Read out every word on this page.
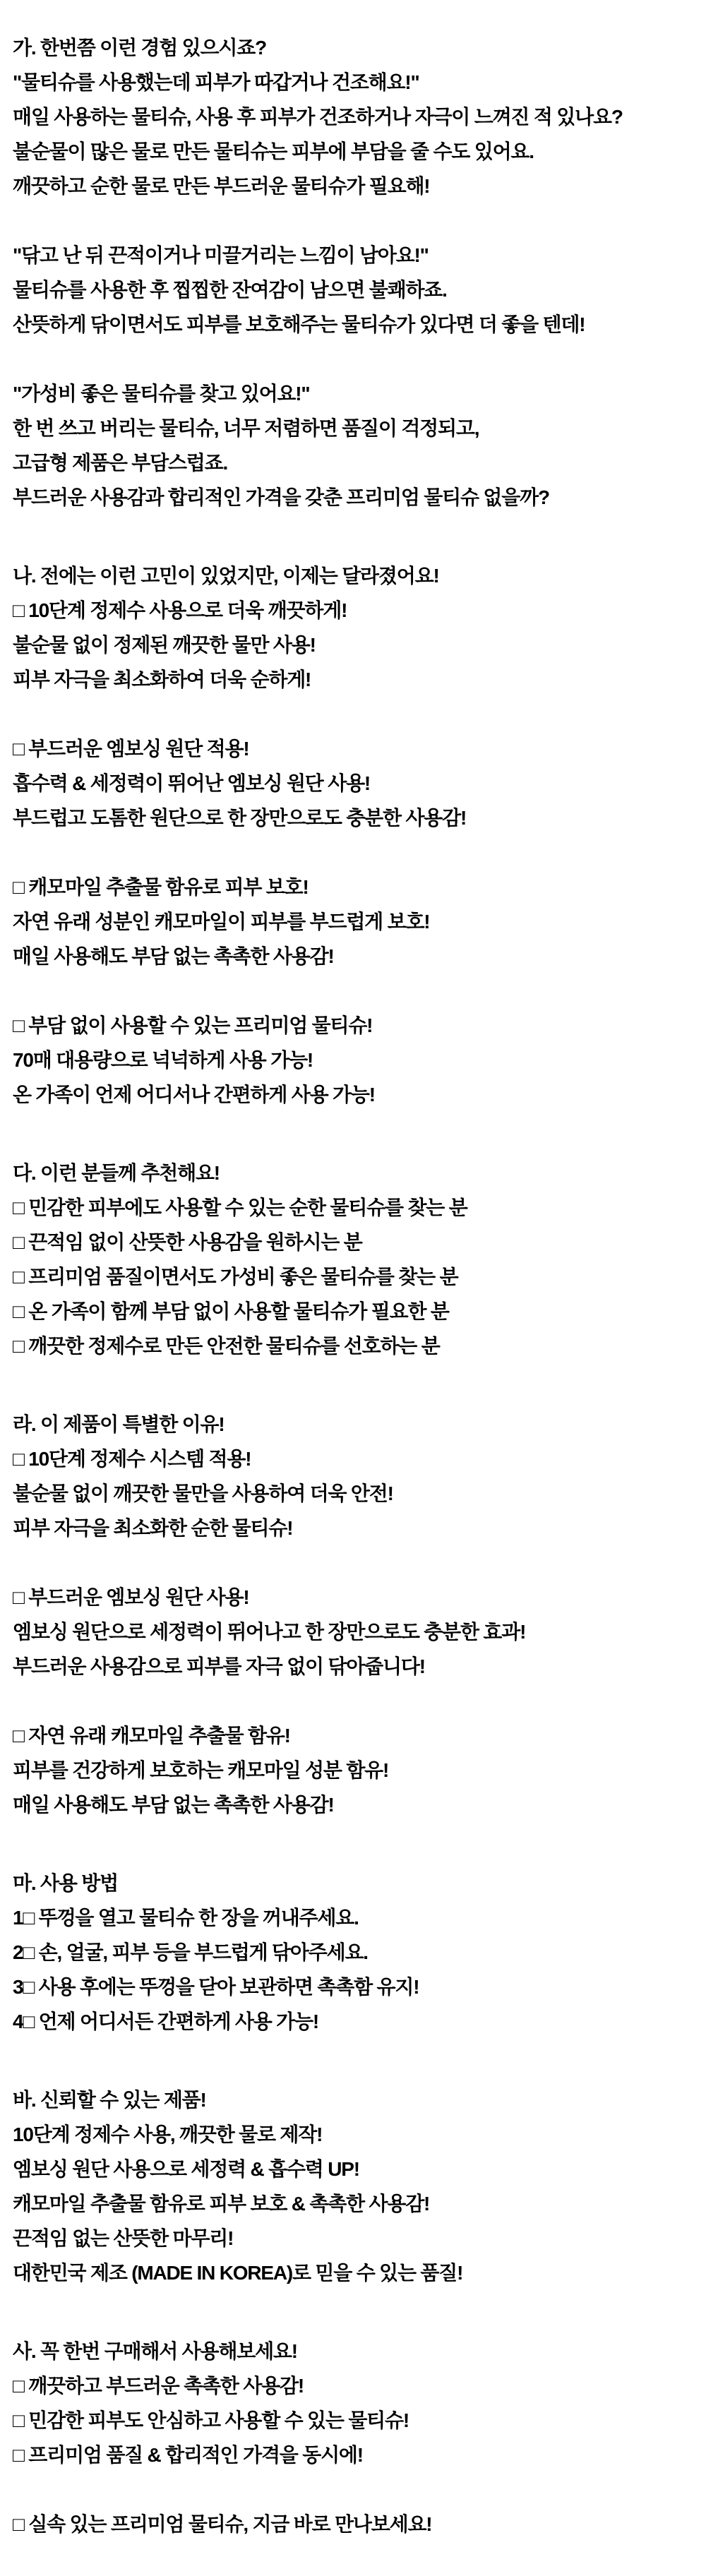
가. 한번쯤 이런 경험 있으시죠?
"물티슈를 사용했는데 피부가 따갑거나 건조해요!"
매일 사용하는 물티슈, 사용 후 피부가 건조하거나 자극이 느껴진 적 있나요?
불순물이 많은 물로 만든 물티슈는 피부에 부담을 줄 수도 있어요.
깨끗하고 순한 물로 만든 부드러운 물티슈가 필요해!
"닦고 난 뒤 끈적이거나 미끌거리는 느낌이 남아요!"
물티슈를 사용한 후 찝찝한 잔여감이 남으면 불쾌하죠.
산뜻하게 닦이면서도 피부를 보호해주는 물티슈가 있다면 더 좋을 텐데!
"가성비 좋은 물티슈를 찾고 있어요!"
한 번 쓰고 버리는 물티슈, 너무 저렴하면 품질이 걱정되고,
고급형 제품은 부담스럽죠.
부드러운 사용감과 합리적인 가격을 갖춘 프리미엄 물티슈 없을까?
나. 전에는 이런 고민이 있었지만, 이제는 달라졌어요!
□ 10단계 정제수 사용으로 더욱 깨끗하게!
불순물 없이 정제된 깨끗한 물만 사용!
피부 자극을 최소화하여 더욱 순하게!
□ 부드러운 엠보싱 원단 적용!
흡수력 & 세정력이 뛰어난 엠보싱 원단 사용!
부드럽고 도톰한 원단으로 한 장만으로도 충분한 사용감!
□ 캐모마일 추출물 함유로 피부 보호!
자연 유래 성분인 캐모마일이 피부를 부드럽게 보호!
매일 사용해도 부담 없는 촉촉한 사용감!
□ 부담 없이 사용할 수 있는 프리미엄 물티슈!
70매 대용량으로 넉넉하게 사용 가능!
온 가족이 언제 어디서나 간편하게 사용 가능!
다. 이런 분들께 추천해요!
□ 민감한 피부에도 사용할 수 있는 순한 물티슈를 찾는 분
□ 끈적임 없이 산뜻한 사용감을 원하시는 분
□ 프리미엄 품질이면서도 가성비 좋은 물티슈를 찾는 분
□ 온 가족이 함께 부담 없이 사용할 물티슈가 필요한 분
□ 깨끗한 정제수로 만든 안전한 물티슈를 선호하는 분
라. 이 제품이 특별한 이유!
□ 10단계 정제수 시스템 적용!
불순물 없이 깨끗한 물만을 사용하여 더욱 안전!
피부 자극을 최소화한 순한 물티슈!
□ 부드러운 엠보싱 원단 사용!
엠보싱 원단으로 세정력이 뛰어나고 한 장만으로도 충분한 효과!
부드러운 사용감으로 피부를 자극 없이 닦아줍니다!
□ 자연 유래 캐모마일 추출물 함유!
피부를 건강하게 보호하는 캐모마일 성분 함유!
매일 사용해도 부담 없는 촉촉한 사용감!
마. 사용 방법
1□ 뚜껑을 열고 물티슈 한 장을 꺼내주세요.
2□ 손, 얼굴, 피부 등을 부드럽게 닦아주세요.
3□ 사용 후에는 뚜껑을 닫아 보관하면 촉촉함 유지!
4□ 언제 어디서든 간편하게 사용 가능!
바. 신뢰할 수 있는 제품!
10단계 정제수 사용, 깨끗한 물로 제작!
엠보싱 원단 사용으로 세정력 & 흡수력 UP!
캐모마일 추출물 함유로 피부 보호 & 촉촉한 사용감!
끈적임 없는 산뜻한 마무리!
대한민국 제조 (MADE IN KOREA)로 믿을 수 있는 품질!
사. 꼭 한번 구매해서 사용해보세요!
□ 깨끗하고 부드러운 촉촉한 사용감!
□ 민감한 피부도 안심하고 사용할 수 있는 물티슈!
□ 프리미엄 품질 & 합리적인 가격을 동시에!
□ 실속 있는 프리미엄 물티슈, 지금 바로 만나보세요!
